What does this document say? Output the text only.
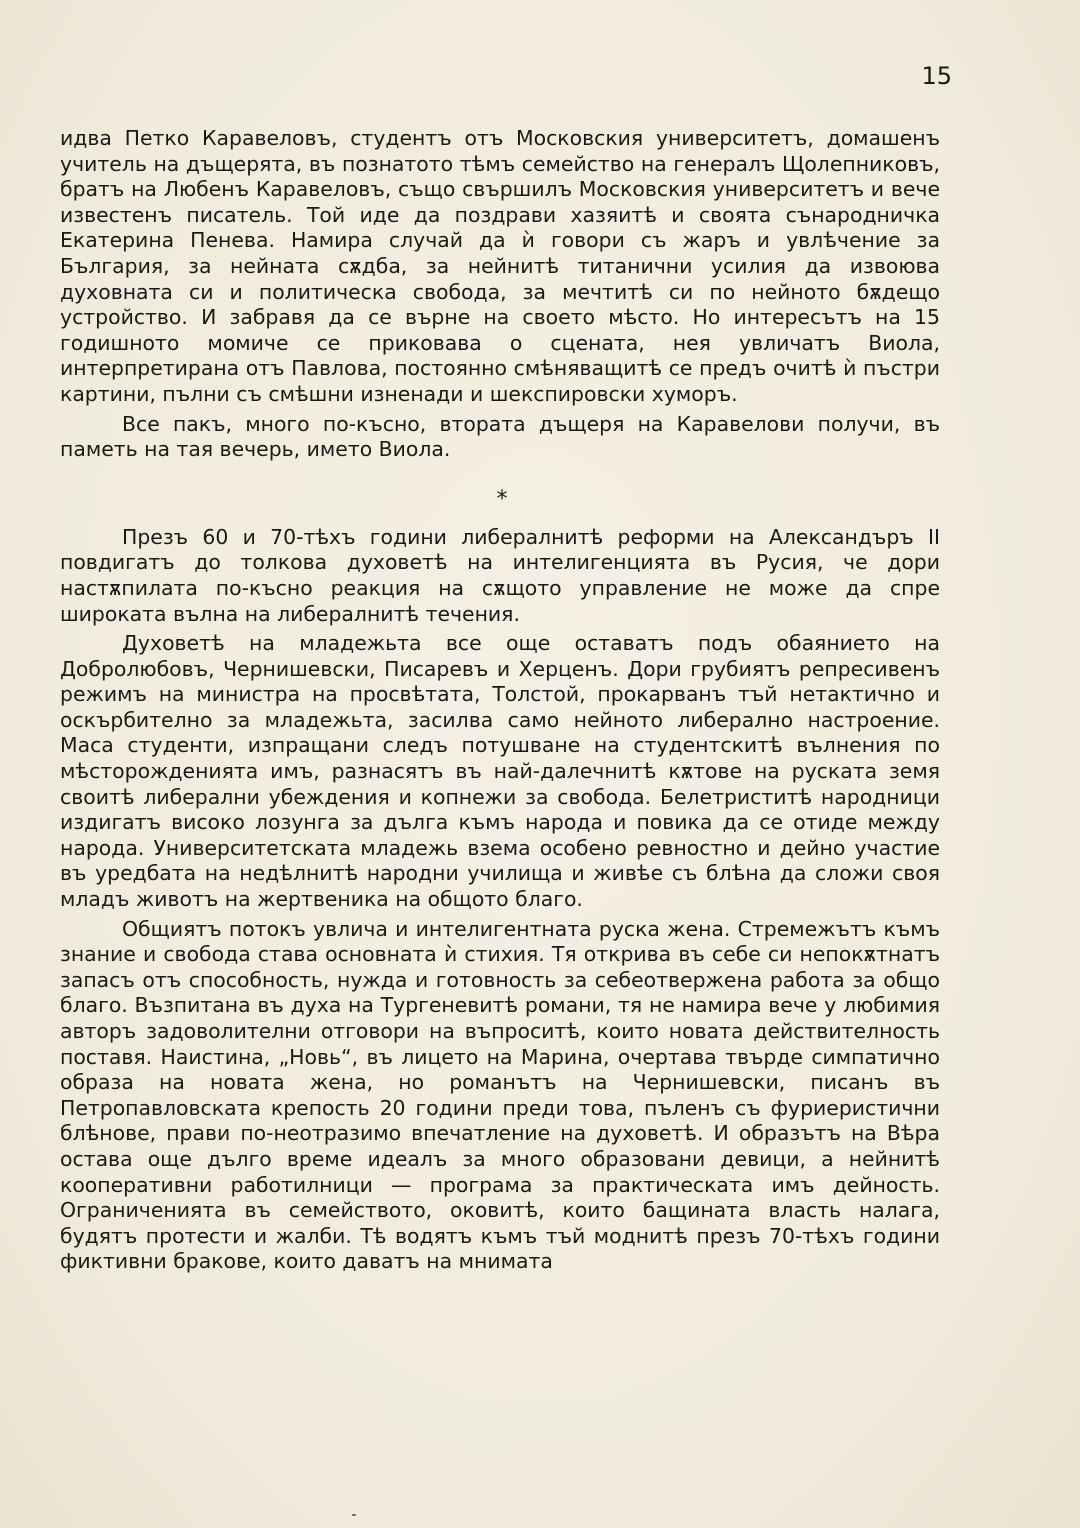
15

идва Петко Каравеловъ, студентъ отъ Московския университетъ, домашенъ учитель на дъщерята, въ познатото тѣмъ семейство на генералъ Щолепниковъ, братъ на Любенъ Каравеловъ, също свършилъ Московския университетъ и вече известенъ писатель. Той иде да поздрави хазяитѣ и своята сънародничка Екатерина Пенева. Намира случай да ѝ говори съ жаръ и увлѣчение за България, за нейната сѫдба, за нейнитѣ титанични усилия да извоюва духовната си и политическа свобода, за мечтитѣ си по нейното бѫдещо устройство. И забравя да се върне на своето мѣсто. Но интересътъ на 15 годишното момиче се приковава о сцената, нея увличатъ Виола, интерпретирана отъ Павлова, постоянно смѣняващитѣ се предъ очитѣ ѝ пъстри картини, пълни съ смѣшни изненади и шекспировски хуморъ.

Все пакъ, много по-късно, втората дъщеря на Каравелови получи, въ паметь на тая вечерь, името Виола.

*

Презъ 60 и 70-тѣхъ години либералнитѣ реформи на Александъръ II повдигатъ до толкова духоветѣ на интелигенцията въ Русия, че дори настѫпилата по-късно реакция на сѫщото управление не може да спре широката вълна на либералнитѣ течения.

Духоветѣ на младежьта все още оставатъ подъ обаянието на Добролюбовъ, Чернишевски, Писаревъ и Херценъ. Дори грубиятъ репресивенъ режимъ на министра на просвѣтата, Толстой, прокарванъ тъй нетактично и оскърбително за младежьта, засилва само нейното либерално настроение. Маса студенти, изпращани следъ потушване на студентскитѣ вълнения по мѣсторожденията имъ, разнасятъ въ най-далечнитѣ кѫтове на руската земя своитѣ либерални убеждения и копнежи за свобода. Белетриститѣ народници издигатъ високо лозунга за дълга къмъ народа и повика да се отиде между народа. Университетската младежь взема особено ревностно и дейно участие въ уредбата на недѣлнитѣ народни училища и живѣе съ блѣна да сложи своя младъ животъ на жертвеника на общото благо.

Общиятъ потокъ увлича и интелигентната руска жена. Стремежътъ къмъ знание и свобода става основната ѝ стихия. Тя открива въ себе си непокѫтнатъ запасъ отъ способность, нужда и готовность за себеотвержена работа за общо благо. Възпитана въ духа на Тургеневитѣ романи, тя не намира вече у любимия авторъ задоволителни отговори на въпроситѣ, които новата действителность поставя. Наистина, „Новь“, въ лицето на Марина, очертава твърде симпатично образа на новата жена, но романътъ на Чернишевски, писанъ въ Петропавловската крепость 20 години преди това, пъленъ съ фуриеристични блѣнове, прави по-неотразимо впечатление на духоветѣ. И образътъ на Вѣра остава още дълго време идеалъ за много образовани девици, а нейнитѣ кооперативни работилници — програма за практическата имъ дейность. Ограниченията въ семейството, оковитѣ, които бащината власть налага, будятъ протести и жалби. Тѣ водятъ къмъ тъй моднитѣ презъ 70-тѣхъ години фиктивни бракове, които даватъ на мнимата
